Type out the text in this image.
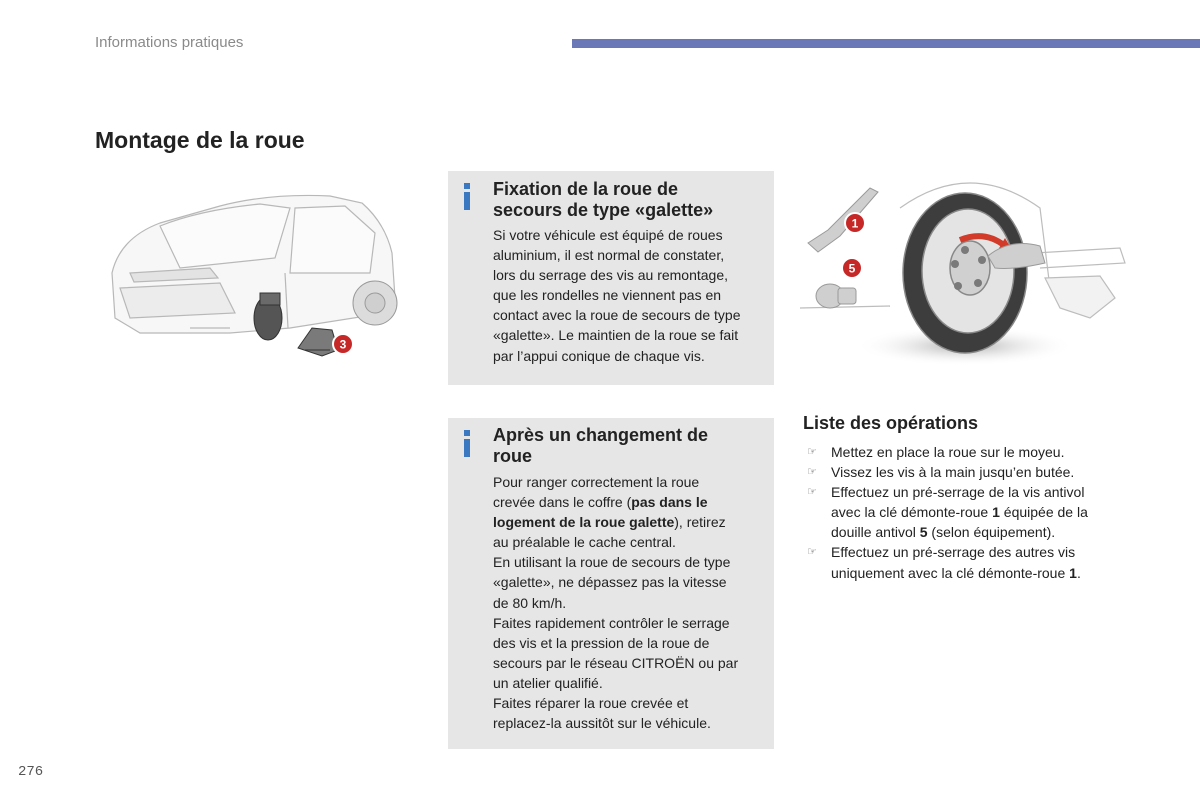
Informations pratiques
Montage de la roue
3
Fixation de la roue de
secours de type «galette»

Si votre véhicule est équipé de roues

aluminium, il est normal de constater,

lors du serrage des vis au remontage,

que les rondelles ne viennent pas en

contact avec la roue de secours de type

«galette». Le maintien de la roue se fait

par l’appui conique de chaque vis.

Après un changement de
roue

Pour ranger correctement la roue

crevée dans le coffre (pas dans le

logement de la roue galette), retirez

au préalable le cache central.

En utilisant la roue de secours de type

«galette», ne dépassez pas la vitesse

de 80 km/h.

Faites rapidement contrôler le serrage

des vis et la pression de la roue de

secours par le réseau CITROËN ou par

un atelier qualifié.

Faites réparer la roue crevée et

replacez-la aussitôt sur le véhicule.

1
5
Liste des opérations
☞ Mettez en place la roue sur le moyeu.
☞ Vissez les vis à la main jusqu’en butée.
☞ Effectuez un pré-serrage de la vis antivol
avec la clé démonte-roue 1 équipée de la
douille antivol 5 (selon équipement).
☞ Effectuez un pré-serrage des autres vis
uniquement avec la clé démonte-roue 1.
276
